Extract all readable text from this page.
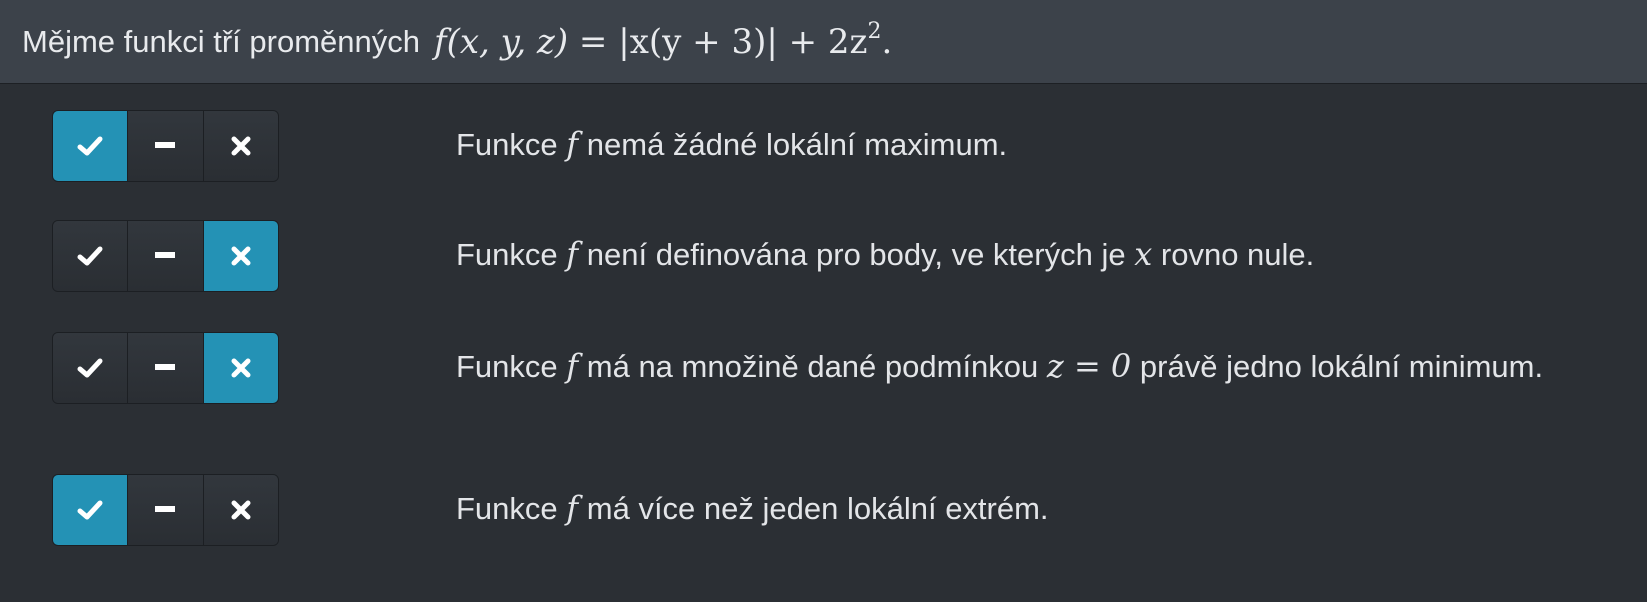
Mějme funkci tří proměnných f(x, y, $z) = |x(y + 3)| + 2z^2$.
Funkce f nemá žádné lokální maximum.
Funkce f není definována pro body, ve kterých je x rovno nule.
Funkce f má na množině dané podmínkou z = 0 právě jedno lokální minimum.
Funkce f má více než jeden lokální extrém.
